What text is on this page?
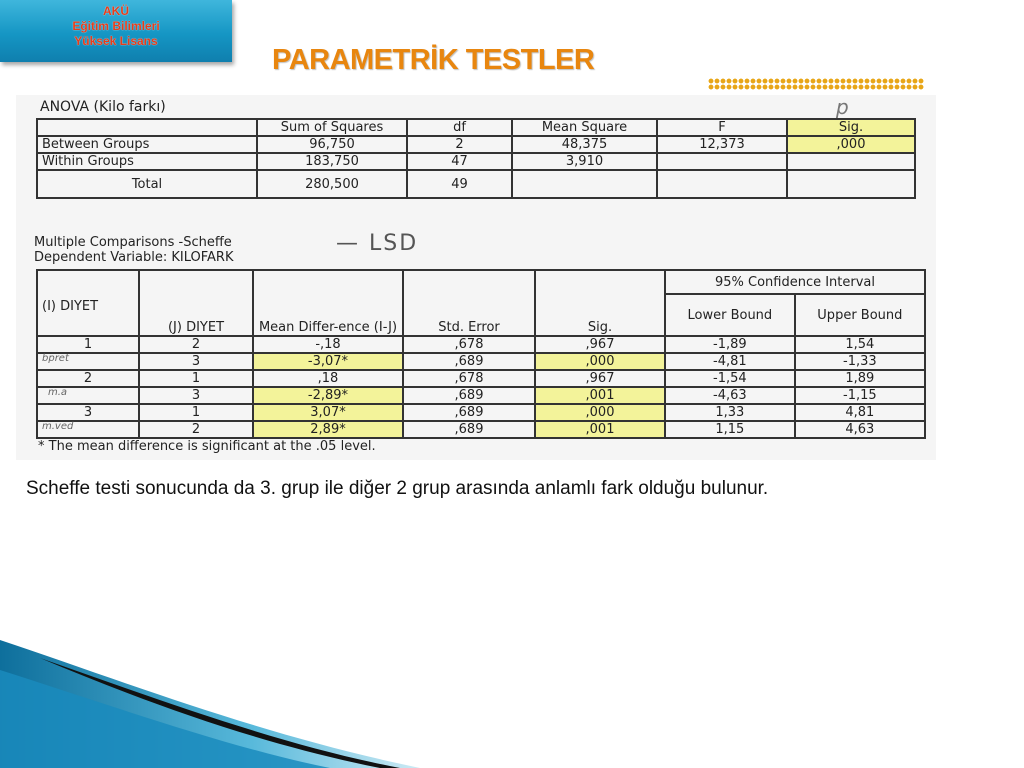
AKÜ
Eğitim Bilimleri
Yüksek Lisans
PARAMETRİK TESTLER
ANOVA (Kilo farkı)	p
	Sum of Squares	df	Mean Square	F	Sig.
Between Groups	96,750	2	48,375	12,373	,000
Within Groups	183,750	47	3,910		
Total	280,500	49			
Multiple Comparisons -Scheffe
Dependent Variable: KILOFARK
— LSD
(I) DIYET	(J) DIYET	Mean Differ-ence (I-J)	Std. Error	Sig.	95% Confidence Interval	
					Lower Bound	Upper Bound
1	2	-,18	,678	,967	-1,89	1,54
	3	-3,07*	,689	,000	-4,81	-1,33
2	1	,18	,678	,967	-1,54	1,89
	3	-2,89*	,689	,001	-4,63	-1,15
3	1	3,07*	,689	,000	1,33	4,81
	2	2,89*	,689	,001	1,15	4,63
bpret
m.a
m.ved
* The mean difference is significant at the .05 level.
Scheffe testi sonucunda da 3. grup ile diğer 2 grup arasında anlamlı fark olduğu bulunur.
